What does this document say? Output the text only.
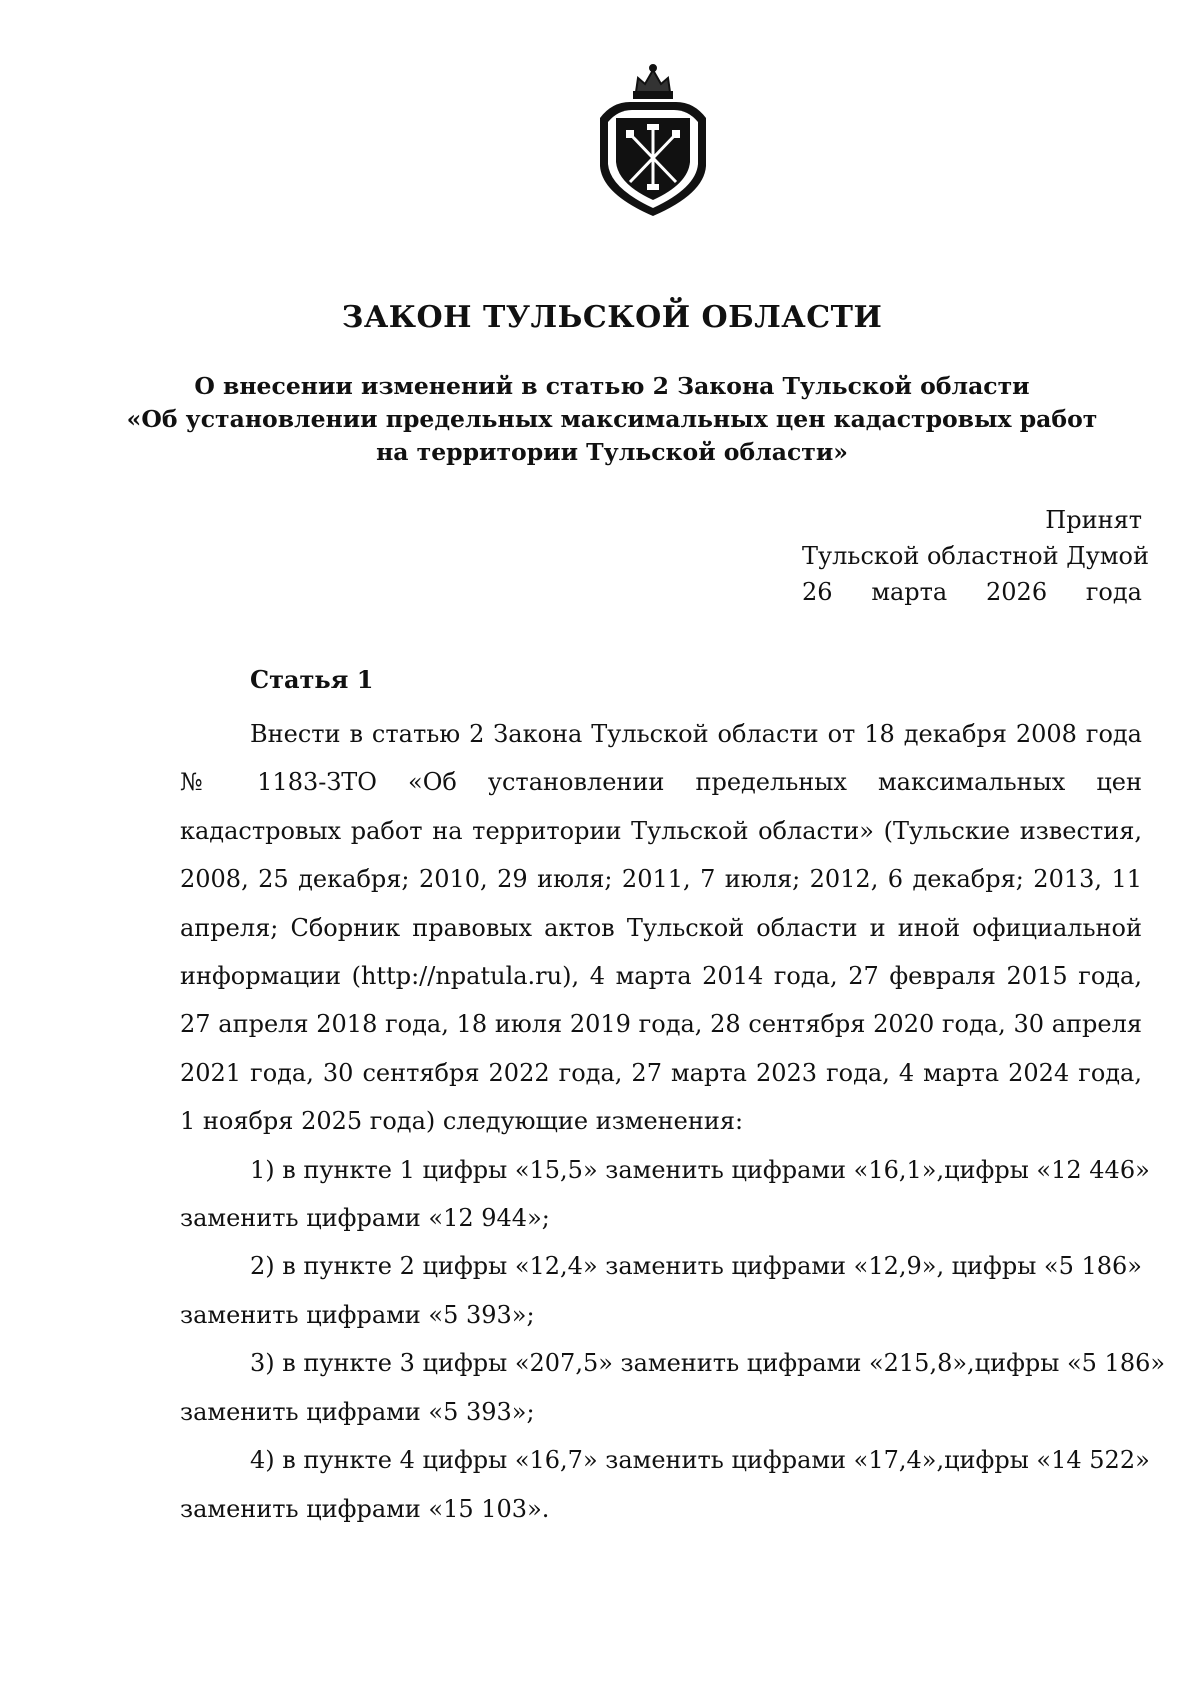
ЗАКОН ТУЛЬСКОЙ ОБЛАСТИ
О внесении изменений в статью 2 Закона Тульской области
«Об установлении предельных максимальных цен кадастровых работ
на территории Тульской области»
Принят
Тульской областной Думой
26 марта 2026 года
Статья 1

Внести в статью 2 Закона Тульской области от 18 декабря 2008 года № 1183-ЗТО «Об установлении предельных максимальных цен кадастровых работ на территории Тульской области» (Тульские известия, 2008, 25 декабря; 2010, 29 июля; 2011, 7 июля; 2012, 6 декабря; 2013, 11 апреля; Сборник правовых актов Тульской области и иной официальной информации (http://npatula.ru), 4 марта 2014 года, 27 февраля 2015 года, 27 апреля 2018 года, 18 июля 2019 года, 28 сентября 2020 года, 30 апреля 2021 года, 30 сентября 2022 года, 27 марта 2023 года, 4 марта 2024 года, 1 ноября 2025 года) следующие изменения:

1) в пункте 1 цифры «15,5» заменить цифрами «16,1», цифры «12 446»
заменить цифрами «12 944»;
2) в пункте 2 цифры «12,4» заменить цифрами «12,9», цифры «5 186»
заменить цифрами «5 393»;
3) в пункте 3 цифры «207,5» заменить цифрами «215,8», цифры «5 186»
заменить цифрами «5 393»;
4) в пункте 4 цифры «16,7» заменить цифрами «17,4», цифры «14 522»
заменить цифрами «15 103».
